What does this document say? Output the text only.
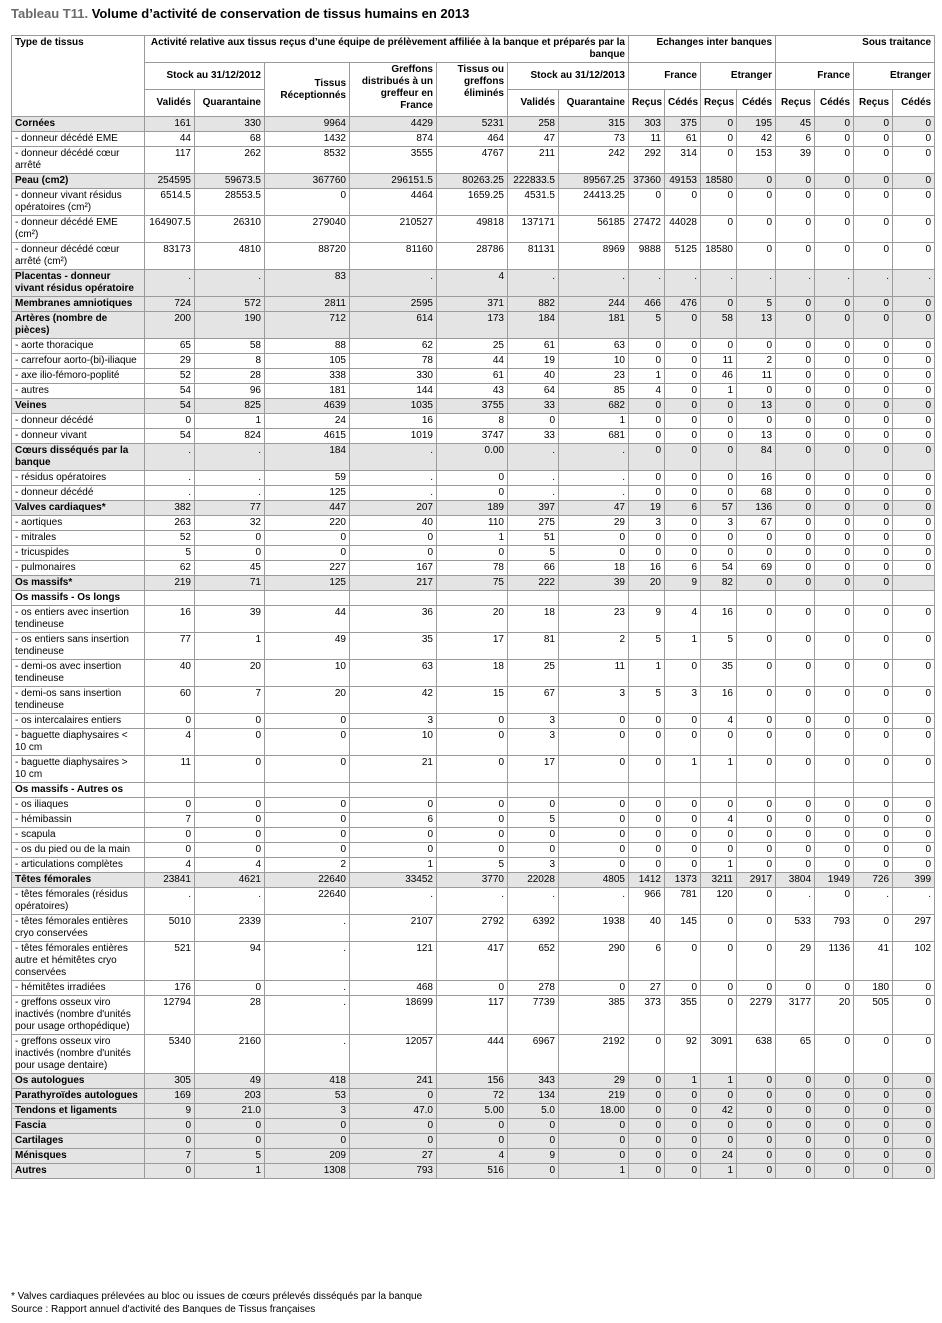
Tableau T11. Volume d’activité de conservation de tissus humains en 2013
Type de tissus	Activité relative aux tissus reçus d’une équipe de prélèvement affiliée à la banque et préparés par la banque							Echanges inter banques				Sous traitance			
	Stock au 31/12/2012		Tissus Réceptionnés	Greffons distribués à un greffeur en France	Tissus ou greffons éliminés	Stock au 31/12/2013		France		Etranger		France		Etranger	
	Validés	Quarantaine				Validés	Quarantaine	Reçus	Cédés	Reçus	Cédés	Reçus	Cédés	Reçus	Cédés
Cornées	161	330	9964	4429	5231	258	315	303	375	0	195	45	0	0	0
- donneur décédé EME	44	68	1432	874	464	47	73	11	61	0	42	6	0	0	0
- donneur décédé cœur arrêté	117	262	8532	3555	4767	211	242	292	314	0	153	39	0	0	0
Peau (cm2)	254595	59673.5	367760	296151.5	80263.25	222833.5	89567.25	37360	49153	18580	0	0	0	0	0
- donneur vivant résidus opératoires (cm²)	6514.5	28553.5	0	4464	1659.25	4531.5	24413.25	0	0	0	0	0	0	0	0
- donneur décédé EME (cm²)	164907.5	26310	279040	210527	49818	137171	56185	27472	44028	0	0	0	0	0	0
- donneur décédé cœur arrêté (cm²)	83173	4810	88720	81160	28786	81131	8969	9888	5125	18580	0	0	0	0	0
Placentas - donneur vivant résidus opératoire	.	.	83	.	4	.	.	.	.	.	.	.	.	.	.
Membranes amniotiques	724	572	2811	2595	371	882	244	466	476	0	5	0	0	0	0
Artères (nombre de pièces)	200	190	712	614	173	184	181	5	0	58	13	0	0	0	0
- aorte thoracique	65	58	88	62	25	61	63	0	0	0	0	0	0	0	0
- carrefour aorto-(bi)-iliaque	29	8	105	78	44	19	10	0	0	11	2	0	0	0	0
- axe ilio-fémoro-poplité	52	28	338	330	61	40	23	1	0	46	11	0	0	0	0
- autres	54	96	181	144	43	64	85	4	0	1	0	0	0	0	0
Veines	54	825	4639	1035	3755	33	682	0	0	0	13	0	0	0	0
- donneur décédé	0	1	24	16	8	0	1	0	0	0	0	0	0	0	0
- donneur vivant	54	824	4615	1019	3747	33	681	0	0	0	13	0	0	0	0
Cœurs disséqués par la banque	.	.	184	.	0.00	.	.	0	0	0	84	0	0	0	0
- résidus opératoires	.	.	59	.	0	.	.	0	0	0	16	0	0	0	0
- donneur décédé	.	.	125	.	0	.	.	0	0	0	68	0	0	0	0
Valves cardiaques*	382	77	447	207	189	397	47	19	6	57	136	0	0	0	0
- aortiques	263	32	220	40	110	275	29	3	0	3	67	0	0	0	0
- mitrales	52	0	0	0	1	51	0	0	0	0	0	0	0	0	0
- tricuspides	5	0	0	0	0	5	0	0	0	0	0	0	0	0	0
- pulmonaires	62	45	227	167	78	66	18	16	6	54	69	0	0	0	0
Os massifs*	219	71	125	217	75	222	39	20	9	82	0	0	0	0	
Os massifs - Os longs															
- os entiers avec insertion tendineuse	16	39	44	36	20	18	23	9	4	16	0	0	0	0	0
- os entiers sans insertion tendineuse	77	1	49	35	17	81	2	5	1	5	0	0	0	0	0
- demi-os avec insertion tendineuse	40	20	10	63	18	25	11	1	0	35	0	0	0	0	0
- demi-os sans insertion tendineuse	60	7	20	42	15	67	3	5	3	16	0	0	0	0	0
- os intercalaires entiers	0	0	0	3	0	3	0	0	0	4	0	0	0	0	0
- baguette diaphysaires < 10 cm	4	0	0	10	0	3	0	0	0	0	0	0	0	0	0
- baguette diaphysaires > 10 cm	11	0	0	21	0	17	0	0	1	1	0	0	0	0	0
Os massifs - Autres os															
- os iliaques	0	0	0	0	0	0	0	0	0	0	0	0	0	0	0
- hémibassin	7	0	0	6	0	5	0	0	0	4	0	0	0	0	0
- scapula	0	0	0	0	0	0	0	0	0	0	0	0	0	0	0
- os du pied ou de la main	0	0	0	0	0	0	0	0	0	0	0	0	0	0	0
- articulations complètes	4	4	2	1	5	3	0	0	0	1	0	0	0	0	0
Têtes fémorales	23841	4621	22640	33452	3770	22028	4805	1412	1373	3211	2917	3804	1949	726	399
- têtes fémorales (résidus opératoires)	.	.	22640	.	.	.	.	966	781	120	0	.	0	.	.
- têtes fémorales entières cryo conservées	5010	2339	.	2107	2792	6392	1938	40	145	0	0	533	793	0	297
- têtes fémorales entières autre et hémitêtes cryo conservées	521	94	.	121	417	652	290	6	0	0	0	29	1136	41	102
- hémitêtes irradiées	176	0	.	468	0	278	0	27	0	0	0	0	0	180	0
- greffons osseux viro inactivés (nombre d'unités pour usage orthopédique)	12794	28	.	18699	117	7739	385	373	355	0	2279	3177	20	505	0
- greffons osseux viro inactivés (nombre d'unités pour usage dentaire)	5340	2160	.	12057	444	6967	2192	0	92	3091	638	65	0	0	0
Os autologues	305	49	418	241	156	343	29	0	1	1	0	0	0	0	0
Parathyroïdes autologues	169	203	53	0	72	134	219	0	0	0	0	0	0	0	0
Tendons et ligaments	9	21.0	3	47.0	5.00	5.0	18.00	0	0	42	0	0	0	0	0
Fascia	0	0	0	0	0	0	0	0	0	0	0	0	0	0	0
Cartilages	0	0	0	0	0	0	0	0	0	0	0	0	0	0	0
Ménisques	7	5	209	27	4	9	0	0	0	24	0	0	0	0	0
Autres	0	1	1308	793	516	0	1	0	0	1	0	0	0	0	0
* Valves cardiaques prélevées au bloc ou issues de cœurs prélevés disséqués par la banque
Source : Rapport annuel d'activité des Banques de Tissus françaises
